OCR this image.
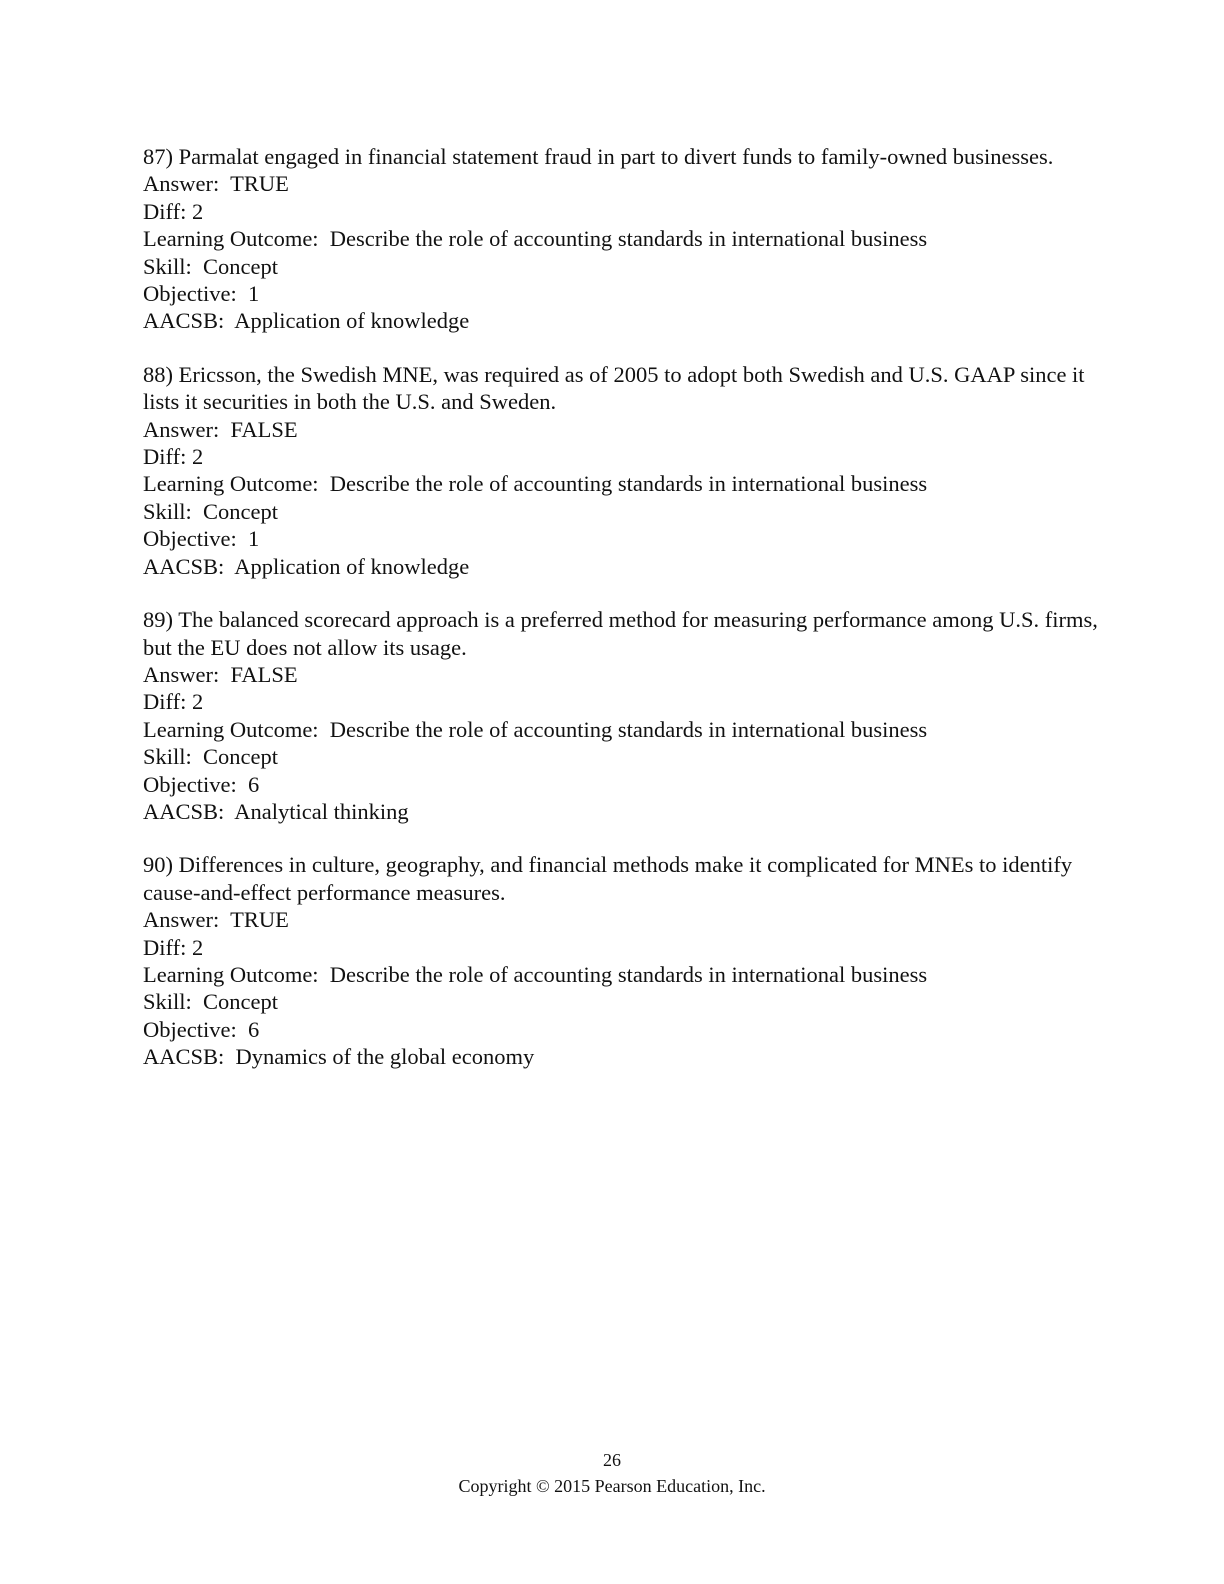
87) Parmalat engaged in financial statement fraud in part to divert funds to family-owned businesses.
Answer:  TRUE
Diff: 2
Learning Outcome:  Describe the role of accounting standards in international business
Skill:  Concept
Objective:  1
AACSB:  Application of knowledge
88) Ericsson, the Swedish MNE, was required as of 2005 to adopt both Swedish and U.S. GAAP since it lists it securities in both the U.S. and Sweden.
Answer:  FALSE
Diff: 2
Learning Outcome:  Describe the role of accounting standards in international business
Skill:  Concept
Objective:  1
AACSB:  Application of knowledge
89) The balanced scorecard approach is a preferred method for measuring performance among U.S. firms, but the EU does not allow its usage.
Answer:  FALSE
Diff: 2
Learning Outcome:  Describe the role of accounting standards in international business
Skill:  Concept
Objective:  6
AACSB:  Analytical thinking
90) Differences in culture, geography, and financial methods make it complicated for MNEs to identify cause-and-effect performance measures.
Answer:  TRUE
Diff: 2
Learning Outcome:  Describe the role of accounting standards in international business
Skill:  Concept
Objective:  6
AACSB:  Dynamics of the global economy
26
Copyright © 2015 Pearson Education, Inc.
